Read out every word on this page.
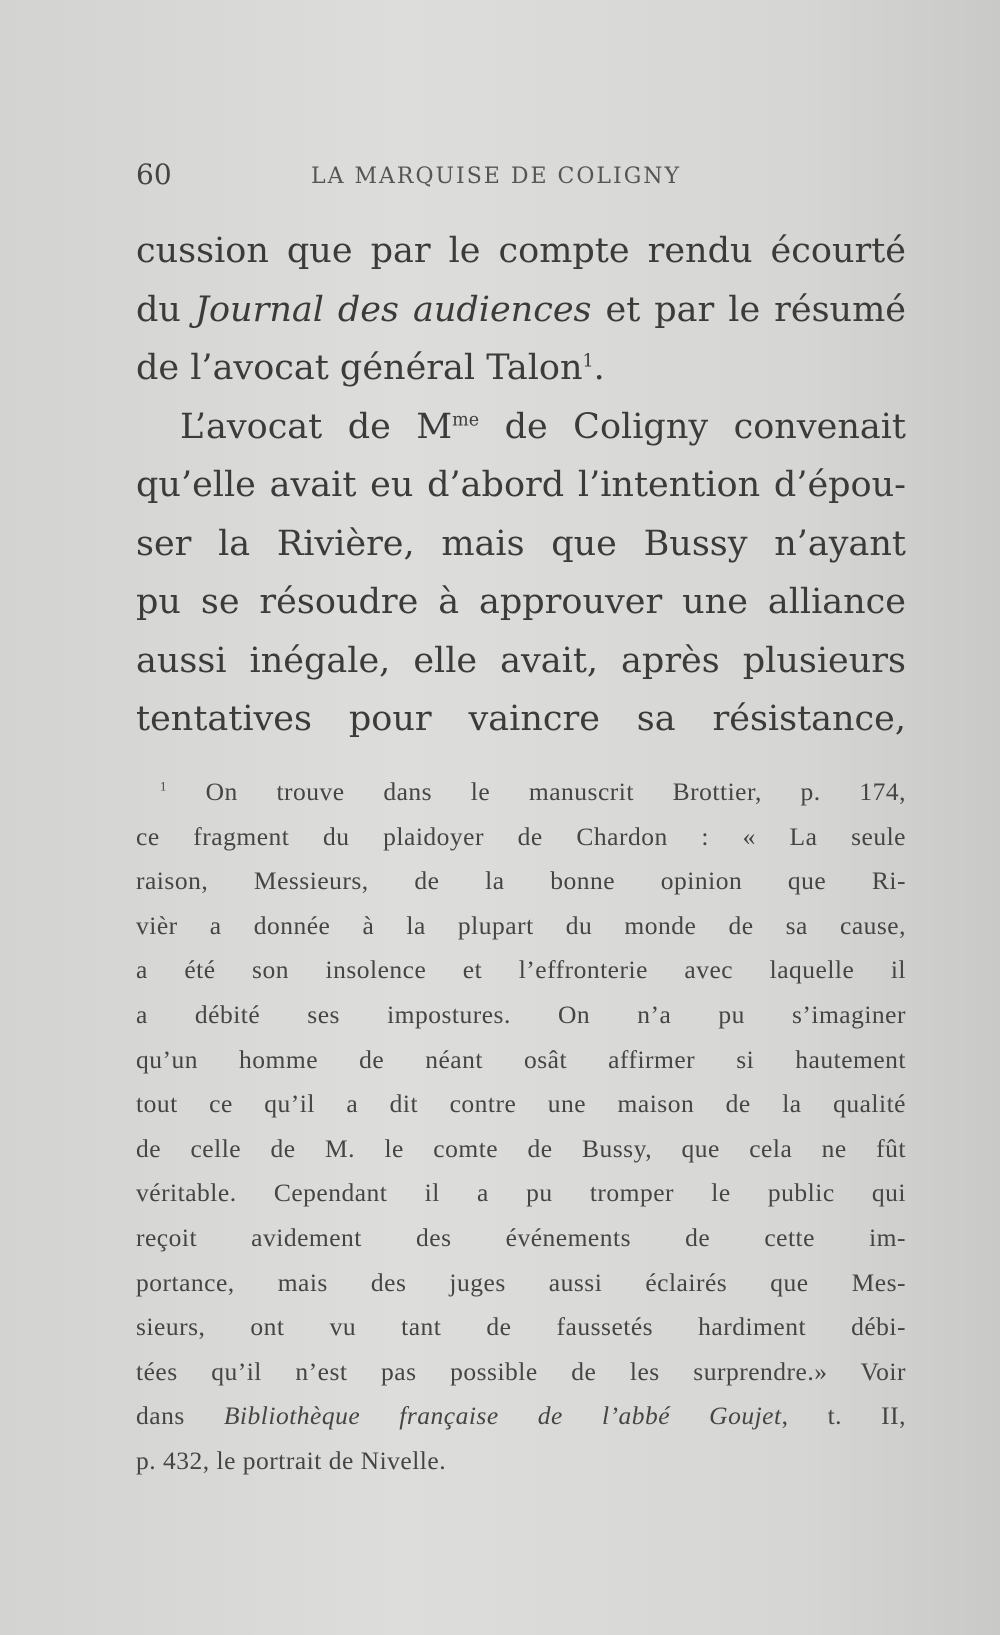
60	LA MARQUISE DE COLIGNY
cussion que par le compte rendu écourté
du Journal des audiences et par le résumé
de l’avocat général Talon$^1$.
L’avocat de $M^{me}$ de Coligny convenait
qu’elle avait eu d’abord l’intention d’épou-
ser la Rivière, mais que Bussy n’ayant
pu se résoudre à approuver une alliance
aussi inégale, elle avait, après plusieurs
tentatives pour vaincre sa résistance,
$^1$ On trouve dans le manuscrit Brottier, p. 174,
ce fragment du plaidoyer de Chardon : « La seule
raison, Messieurs, de la bonne opinion que Ri-
vièr a donnée à la plupart du monde de sa cause,
a été son insolence et l’effronterie avec laquelle il
a débité ses impostures. On n’a pu s’imaginer
qu’un homme de néant osât affirmer si hautement
tout ce qu’il a dit contre une maison de la qualité
de celle de M. le comte de Bussy, que cela ne fût
véritable. Cependant il a pu tromper le public qui
reçoit avidement des événements de cette im-
portance, mais des juges aussi éclairés que Mes-
sieurs, ont vu tant de faussetés hardiment débi-
tées qu’il n’est pas possible de les surprendre.» Voir
dans Bibliothèque française de l’abbé Goujet, t. II,
p. 432, le portrait de Nivelle.
